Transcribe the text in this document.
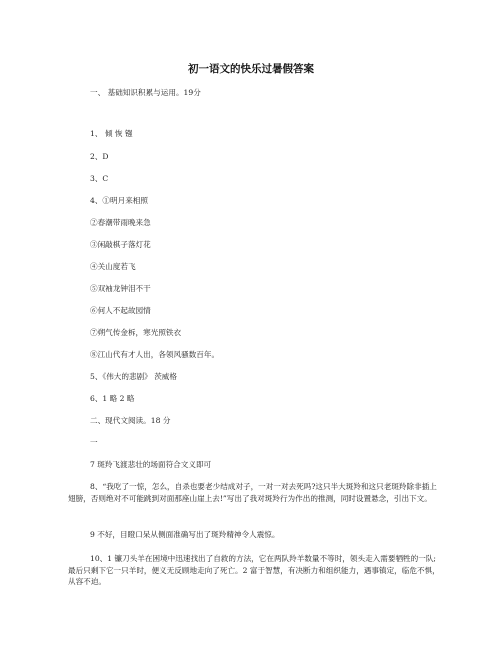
初一语文的快乐过暑假答案
一、 基础知识积累与运用。19分
1、 倾 恢 镪
2、D
3、C
4、①明月来相照
②春潮带雨晚来急
③闲敲棋子落灯花
④关山度若飞
⑤双袖龙钟泪不干
⑥何人不起故园情
⑦朔气传金柝，寒光照铁衣
⑧江山代有才人出，各领风骚数百年。
5、《伟大的悲剧》 茨威格
6、1 略 2 略
二、现代文阅读。18 分
一
7 斑羚飞渡悲壮的场面符合文义即可
8、“我吃了一惊，怎么，自杀也要老少结成对子，一对一对去死吗?这只半大斑羚和这只老斑羚除非插上翅膀，否则绝对不可能跳到对面那座山崖上去!”写出了我对斑羚行为作出的推测，同时设置悬念，引出下文。
9 不好，目瞪口呆从侧面准确写出了斑羚精神令人震惊。
10、1 镰刀头羊在困境中迅速找出了自救的方法，它在两队羚羊数量不等时，领头走入需要牺牲的一队;最后只剩下它一只羊时，便义无反顾地走向了死亡。2 富于智慧，有决断力和组织能力，遇事镇定，临危不惧，从容不迫。
